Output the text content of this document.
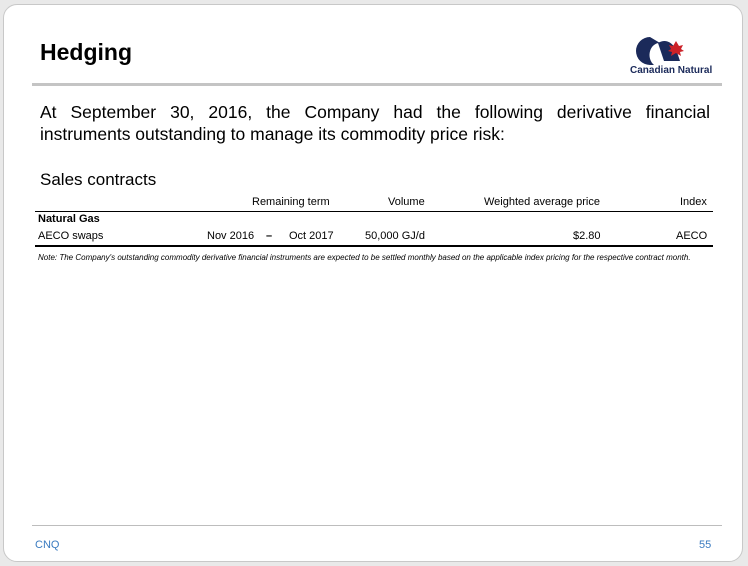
Hedging
Canadian Natural
At September 30, 2016, the Company had the following derivative financial instruments outstanding to manage its commodity price risk:
Sales contracts
Remaining term	Volume	Weighted average price	Index
Natural Gas
AECO swaps	Nov 2016 – Oct 2017	50,000 GJ/d	$2.80	AECO
Note: The Company's outstanding commodity derivative financial instruments are expected to be settled monthly based on the applicable index pricing for the respective contract month.
CNQ	55
